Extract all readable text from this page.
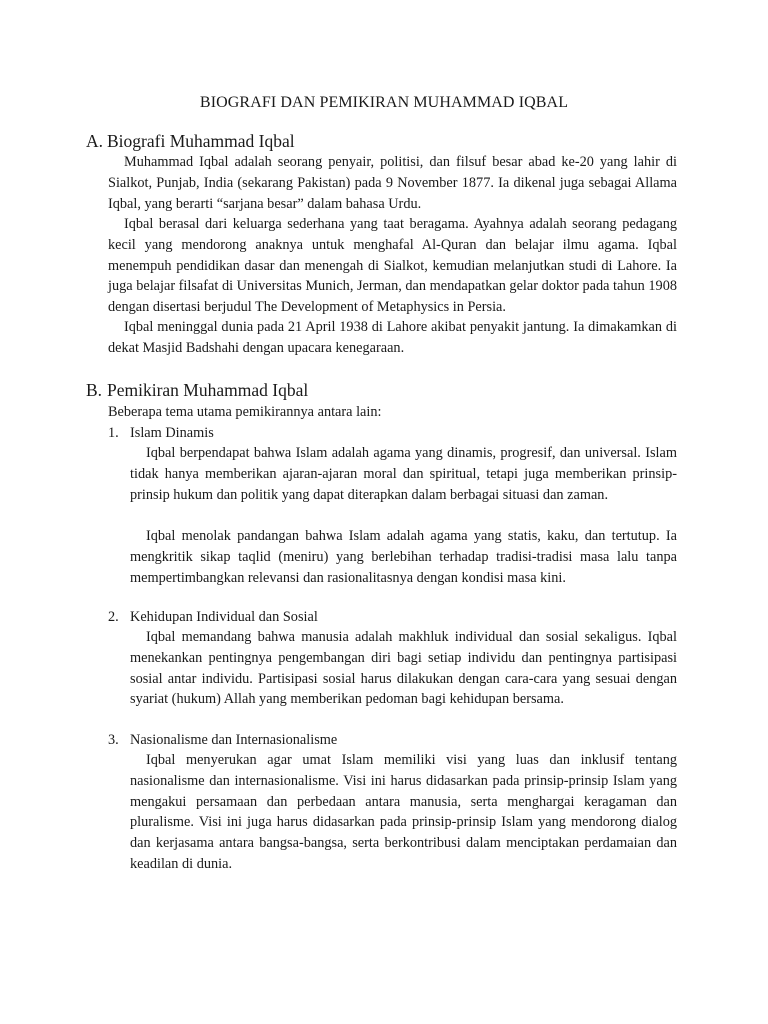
BIOGRAFI DAN PEMIKIRAN MUHAMMAD IQBAL
A. Biografi Muhammad Iqbal

Muhammad Iqbal adalah seorang penyair, politisi, dan filsuf besar abad ke-20 yang lahir di Sialkot, Punjab, India (sekarang Pakistan) pada 9 November 1877. Ia dikenal juga sebagai Allama Iqbal, yang berarti “sarjana besar” dalam bahasa Urdu.

Iqbal berasal dari keluarga sederhana yang taat beragama. Ayahnya adalah seorang pedagang kecil yang mendorong anaknya untuk menghafal Al-Quran dan belajar ilmu agama. Iqbal menempuh pendidikan dasar dan menengah di Sialkot, kemudian melanjutkan studi di Lahore. Ia juga belajar filsafat di Universitas Munich, Jerman, dan mendapatkan gelar doktor pada tahun 1908 dengan disertasi berjudul The Development of Metaphysics in Persia.

Iqbal meninggal dunia pada 21 April 1938 di Lahore akibat penyakit jantung. Ia dimakamkan di dekat Masjid Badshahi dengan upacara kenegaraan.

B. Pemikiran Muhammad Iqbal

Beberapa tema utama pemikirannya antara lain:

1. Islam Dinamis

Iqbal berpendapat bahwa Islam adalah agama yang dinamis, progresif, dan universal. Islam tidak hanya memberikan ajaran-ajaran moral dan spiritual, tetapi juga memberikan prinsip-prinsip hukum dan politik yang dapat diterapkan dalam berbagai situasi dan zaman.

Iqbal menolak pandangan bahwa Islam adalah agama yang statis, kaku, dan tertutup. Ia mengkritik sikap taqlid (meniru) yang berlebihan terhadap tradisi-tradisi masa lalu tanpa mempertimbangkan relevansi dan rasionalitasnya dengan kondisi masa kini.

2. Kehidupan Individual dan Sosial

Iqbal memandang bahwa manusia adalah makhluk individual dan sosial sekaligus. Iqbal menekankan pentingnya pengembangan diri bagi setiap individu dan pentingnya partisipasi sosial antar individu. Partisipasi sosial harus dilakukan dengan cara-cara yang sesuai dengan syariat (hukum) Allah yang memberikan pedoman bagi kehidupan bersama.

3. Nasionalisme dan Internasionalisme

Iqbal menyerukan agar umat Islam memiliki visi yang luas dan inklusif tentang nasionalisme dan internasionalisme. Visi ini harus didasarkan pada prinsip-prinsip Islam yang mengakui persamaan dan perbedaan antara manusia, serta menghargai keragaman dan pluralisme. Visi ini juga harus didasarkan pada prinsip-prinsip Islam yang mendorong dialog dan kerjasama antara bangsa-bangsa, serta berkontribusi dalam menciptakan perdamaian dan keadilan di dunia.
